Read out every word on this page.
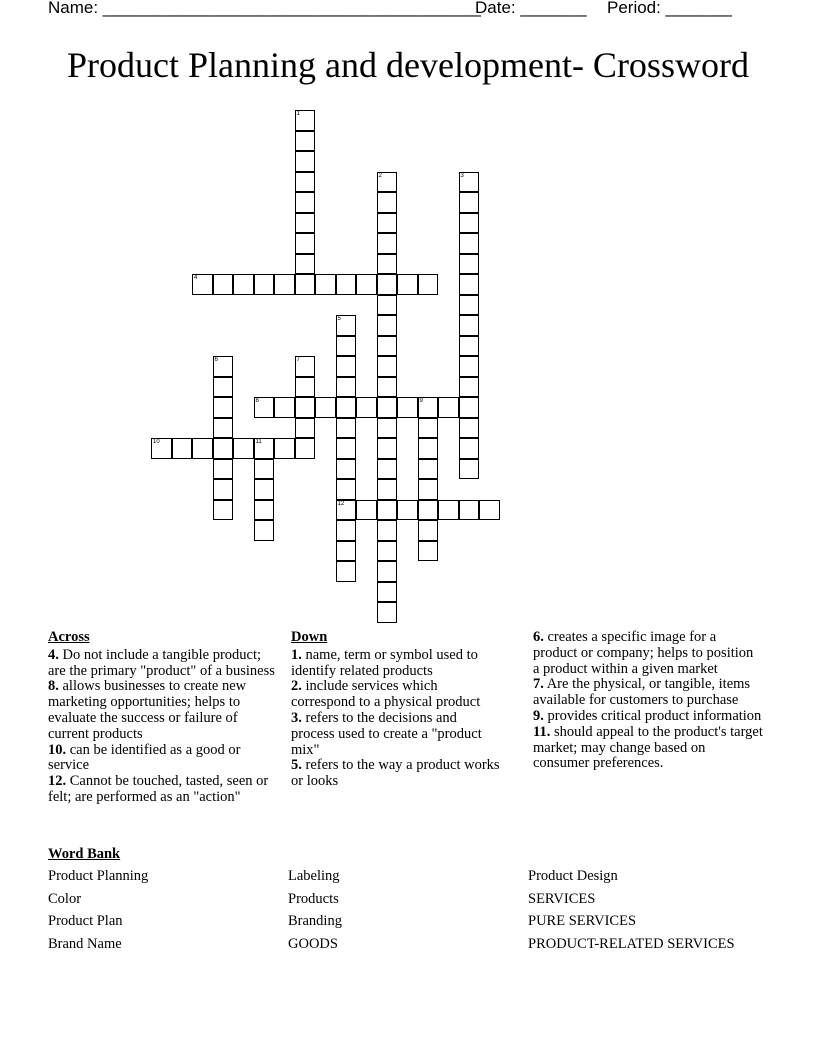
Name: ________________________________________

Date: _______

Period: _______

Product Planning and development- Crossword
1
2	3
4
5
12
6	7
8	9
10	11
Across
4. Do not include a tangible product; are the primary "product" of a business
8. allows businesses to create new marketing opportunities; helps to evaluate the success or failure of current products
10. can be identified as a good or service
12. Cannot be touched, tasted, seen or felt; are performed as an "action"
Down
1. name, term or symbol used to identify related products
2. include services which correspond to a physical product
3. refers to the decisions and process used to create a "product mix"
5. refers to the way a product works or looks
6. creates a specific image for a product or company; helps to position a product within a given market
7. Are the physical, or tangible, items available for customers to purchase
9. provides critical product information
11. should appeal to the product's target market; may change based on consumer preferences.
Word Bank
Product Planning
Color
Product Plan
Brand Name
Labeling
Products
Branding
GOODS
Product Design
SERVICES
PURE SERVICES
PRODUCT-RELATED SERVICES
